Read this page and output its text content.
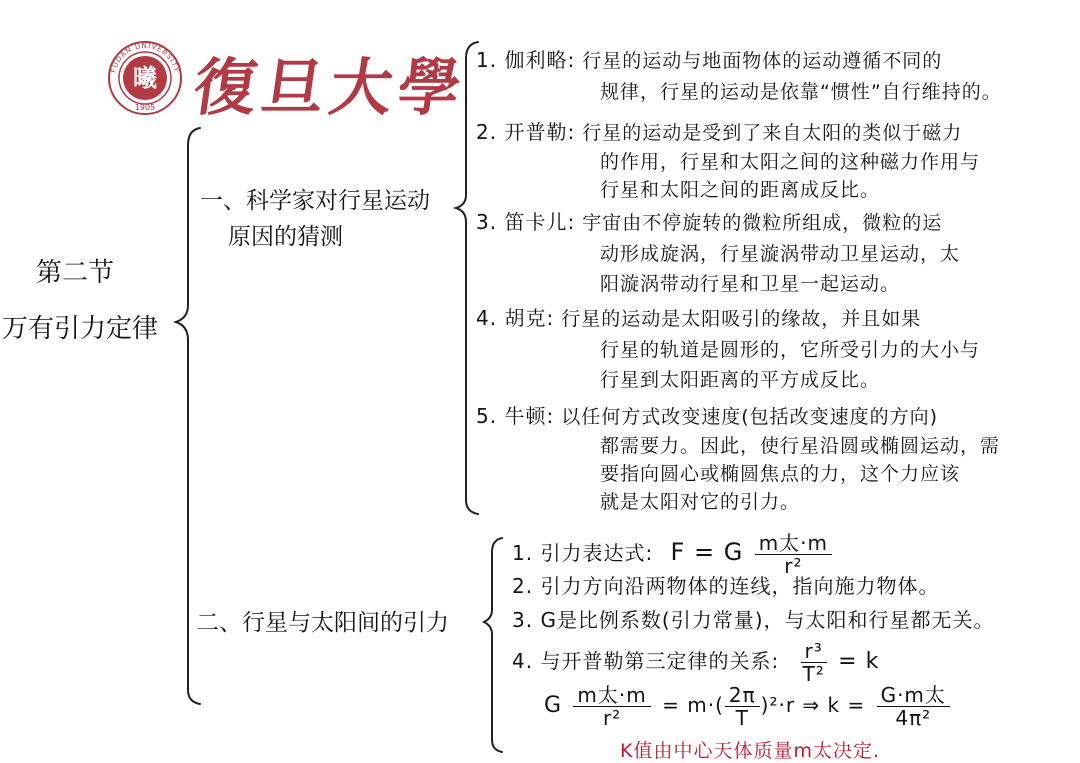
曦
FUDAN UNIVERSITY
1905 復旦大學
第二节
万有引力定律
一、科学家对行星运动
原因的猜测
1. 伽利略: 行星的运动与地面物体的运动遵循不同的
规律，行星的运动是依靠“惯性”自行维持的。
2. 开普勒: 行星的运动是受到了来自太阳的类似于磁力
的作用，行星和太阳之间的这种磁力作用与
行星和太阳之间的距离成反比。
3. 笛卡儿: 宇宙由不停旋转的微粒所组成，微粒的运
动形成旋涡，行星漩涡带动卫星运动，太
阳漩涡带动行星和卫星一起运动。
4. 胡克: 行星的运动是太阳吸引的缘故，并且如果
行星的轨道是圆形的，它所受引力的大小与
行星到太阳距离的平方成反比。
5. 牛顿: 以任何方式改变速度(包括改变速度的方向)
都需要力。因此，使行星沿圆或椭圆运动，需
要指向圆心或椭圆焦点的力，这个力应该
就是太阳对它的引力。
二、行星与太阳间的引力
1. 引力表达式: F = G $\frac{\text{m太·m}}{\text{r²}}$
2. 引力方向沿两物体的连线，指向施力物体。
3. G是比例系数(引力常量)，与太阳和行星都无关。
4. 与开普勒第三定律的关系: $\frac{\text{r³}}{\text{T²}} = k$
G $\frac{\text{m太·m}}{\text{r²}} = m\cdot( \frac{2\pi}{T} )^2\cdot r$ ⇒ $k = \frac{\text{G·m太}}{\text{4π²}}$
K值由中心天体质量m太决定.
